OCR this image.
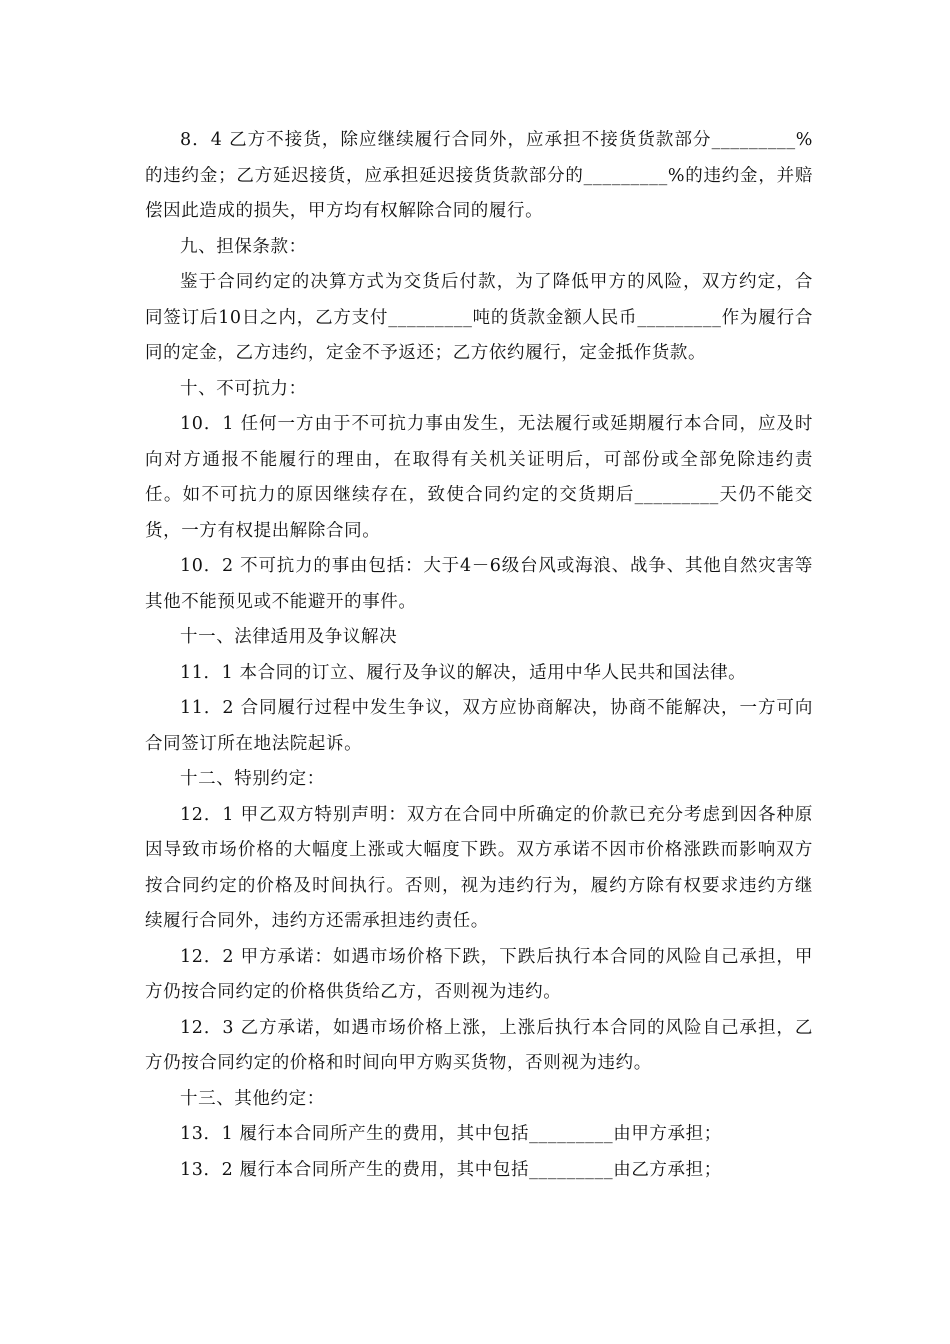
8．4 乙方不接货，除应继续履行合同外，应承担不接货货款部分_________%的违约金；乙方延迟接货，应承担延迟接货货款部分的_________%的违约金，并赔偿因此造成的损失，甲方均有权解除合同的履行。

九、担保条款：

鉴于合同约定的决算方式为交货后付款，为了降低甲方的风险，双方约定，合同签订后10日之内，乙方支付_________吨的货款金额人民币_________作为履行合同的定金，乙方违约，定金不予返还；乙方依约履行，定金抵作货款。

十、不可抗力：

10．1 任何一方由于不可抗力事由发生，无法履行或延期履行本合同，应及时向对方通报不能履行的理由，在取得有关机关证明后，可部份或全部免除违约责任。如不可抗力的原因继续存在，致使合同约定的交货期后_________天仍不能交货，一方有权提出解除合同。

10．2 不可抗力的事由包括：大于4－6级台风或海浪、战争、其他自然灾害等其他不能预见或不能避开的事件。

十一、法律适用及争议解决

11．1 本合同的订立、履行及争议的解决，适用中华人民共和国法律。

11．2 合同履行过程中发生争议，双方应协商解决，协商不能解决，一方可向合同签订所在地法院起诉。

十二、特别约定：

12．1 甲乙双方特别声明：双方在合同中所确定的价款已充分考虑到因各种原因导致市场价格的大幅度上涨或大幅度下跌。双方承诺不因市价格涨跌而影响双方按合同约定的价格及时间执行。否则，视为违约行为，履约方除有权要求违约方继续履行合同外，违约方还需承担违约责任。

12．2 甲方承诺：如遇市场价格下跌，下跌后执行本合同的风险自己承担，甲方仍按合同约定的价格供货给乙方，否则视为违约。

12．3 乙方承诺，如遇市场价格上涨，上涨后执行本合同的风险自己承担，乙方仍按合同约定的价格和时间向甲方购买货物，否则视为违约。

十三、其他约定：

13．1 履行本合同所产生的费用，其中包括_________由甲方承担；

13．2 履行本合同所产生的费用，其中包括_________由乙方承担；
